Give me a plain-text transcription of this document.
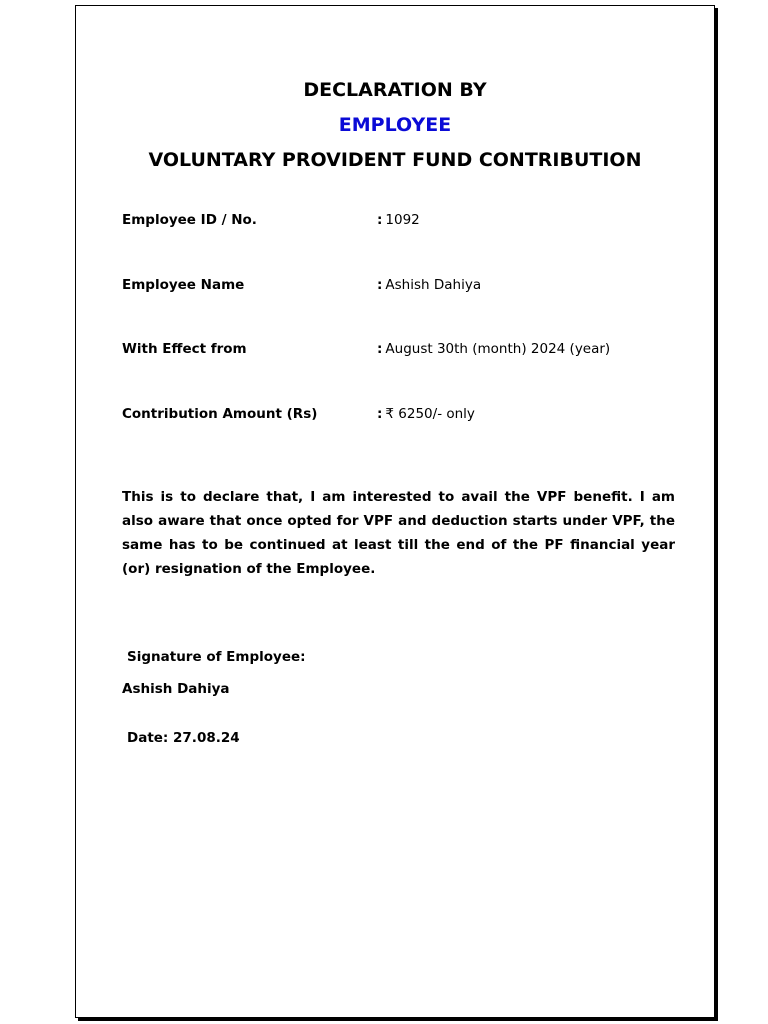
DECLARATION BY
EMPLOYEE
VOLUNTARY PROVIDENT FUND CONTRIBUTION
Employee ID / No.	: 1092
Employee Name	: Ashish Dahiya
With Effect from	: August 30th (month) 2024 (year)
Contribution Amount (Rs)	: ₹ 6250/- only
This is to declare that, I am interested to avail the VPF benefit. I am also aware that once opted for VPF and deduction starts under VPF, the same has to be continued at least till the end of the PF financial year (or) resignation of the Employee.
Signature of Employee:
Ashish Dahiya
Date: 27.08.24
